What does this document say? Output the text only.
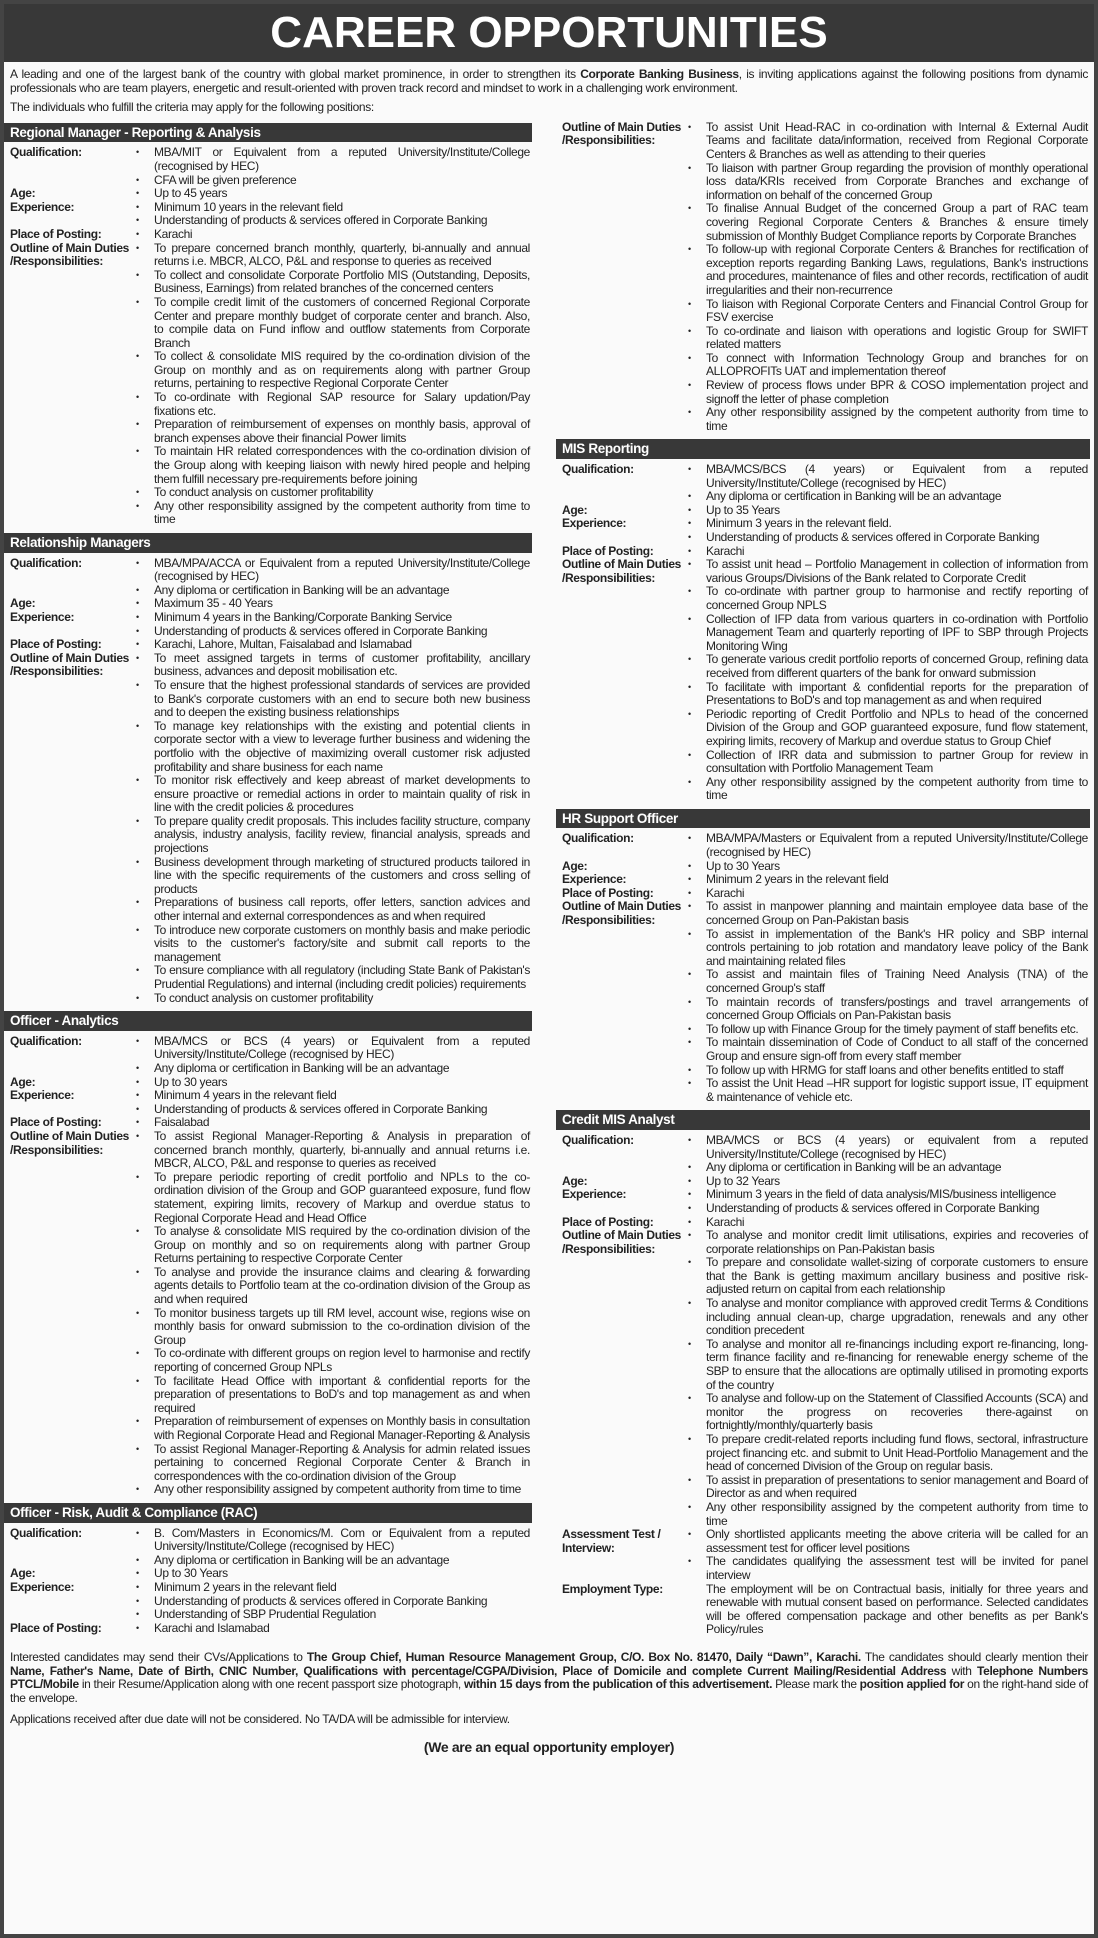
CAREER OPPORTUNITIES

A leading and one of the largest bank of the country with global market prominence, in order to strengthen its Corporate Banking Business, is inviting applications against the following positions from dynamic professionals who are team players, energetic and result-oriented with proven track record and mindset to work in a challenging work environment.

The individuals who fulfill the criteria may apply for the following positions:

Regional Manager - Reporting & Analysis
Qualification:	• MBA/MIT or Equivalent from a reputed University/Institute/College (recognised by HEC)
• CFA will be given preference
Age:	• Up to 45 years
Experience:	• Minimum 10 years in the relevant field
• Understanding of products & services offered in Corporate Banking
Place of Posting:	• Karachi
Outline of Main Duties /Responsibilities:
• To prepare concerned branch monthly, quarterly, bi-annually and annual returns i.e. MBCR, ALCO, P&L and response to queries as received
• To collect and consolidate Corporate Portfolio MIS (Outstanding, Deposits, Business, Earnings) from related branches of the concerned centers
• To compile credit limit of the customers of concerned Regional Corporate Center and prepare monthly budget of corporate center and branch. Also, to compile data on Fund inflow and outflow statements from Corporate Branch
• To collect & consolidate MIS required by the co-ordination division of the Group on monthly and as on requirements along with partner Group returns, pertaining to respective Regional Corporate Center
• To co-ordinate with Regional SAP resource for Salary updation/Pay fixations etc.
• Preparation of reimbursement of expenses on monthly basis, approval of branch expenses above their financial Power limits
• To maintain HR related correspondences with the co-ordination division of the Group along with keeping liaison with newly hired people and helping them fulfill necessary pre-requirements before joining
• To conduct analysis on customer profitability
• Any other responsibility assigned by the competent authority from time to time
Relationship Managers
Qualification:	• MBA/MPA/ACCA or Equivalent from a reputed University/Institute/College (recognised by HEC)
• Any diploma or certification in Banking will be an advantage
Age:	• Maximum 35 - 40 Years
Experience:	• Minimum 4 years in the Banking/Corporate Banking Service
• Understanding of products & services offered in Corporate Banking
Place of Posting:	• Karachi, Lahore, Multan, Faisalabad and Islamabad
Outline of Main Duties /Responsibilities:
• To meet assigned targets in terms of customer profitability, ancillary business, advances and deposit mobilisation etc.
• To ensure that the highest professional standards of services are provided to Bank's corporate customers with an end to secure both new business and to deepen the existing business relationships
• To manage key relationships with the existing and potential clients in corporate sector with a view to leverage further business and widening the portfolio with the objective of maximizing overall customer risk adjusted profitability and share business for each name
• To monitor risk effectively and keep abreast of market developments to ensure proactive or remedial actions in order to maintain quality of risk in line with the credit policies & procedures
• To prepare quality credit proposals. This includes facility structure, company analysis, industry analysis, facility review, financial analysis, spreads and projections
• Business development through marketing of structured products tailored in line with the specific requirements of the customers and cross selling of products
• Preparations of business call reports, offer letters, sanction advices and other internal and external correspondences as and when required
• To introduce new corporate customers on monthly basis and make periodic visits to the customer's factory/site and submit call reports to the management
• To ensure compliance with all regulatory (including State Bank of Pakistan's Prudential Regulations) and internal (including credit policies) requirements
• To conduct analysis on customer profitability
Officer - Analytics
Qualification:	• MBA/MCS or BCS (4 years) or Equivalent from a reputed University/Institute/College (recognised by HEC)
• Any diploma or certification in Banking will be an advantage
Age:	• Up to 30 years
Experience:	• Minimum 4 years in the relevant field
• Understanding of products & services offered in Corporate Banking
Place of Posting:	• Faisalabad
Outline of Main Duties /Responsibilities:
• To assist Regional Manager-Reporting & Analysis in preparation of concerned branch monthly, quarterly, bi-annually and annual returns i.e. MBCR, ALCO, P&L and response to queries as received
• To prepare periodic reporting of credit portfolio and NPLs to the co-ordination division of the Group and GOP guaranteed exposure, fund flow statement, expiring limits, recovery of Markup and overdue status to Regional Corporate Head and Head Office
• To analyse & consolidate MIS required by the co-ordination division of the Group on monthly and so on requirements along with partner Group Returns pertaining to respective Corporate Center
• To analyse and provide the insurance claims and clearing & forwarding agents details to Portfolio team at the co-ordination division of the Group as and when required
• To monitor business targets up till RM level, account wise, regions wise on monthly basis for onward submission to the co-ordination division of the Group
• To co-ordinate with different groups on region level to harmonise and rectify reporting of concerned Group NPLs
• To facilitate Head Office with important & confidential reports for the preparation of presentations to BoD's and top management as and when required
• Preparation of reimbursement of expenses on Monthly basis in consultation with Regional Corporate Head and Regional Manager-Reporting & Analysis
• To assist Regional Manager-Reporting & Analysis for admin related issues pertaining to concerned Regional Corporate Center & Branch in correspondences with the co-ordination division of the Group
• Any other responsibility assigned by competent authority from time to time
Officer - Risk, Audit & Compliance (RAC)
Qualification:	• B. Com/Masters in Economics/M. Com or Equivalent from a reputed University/Institute/College (recognised by HEC)
• Any diploma or certification in Banking will be an advantage
Age:	• Up to 30 Years
Experience:	• Minimum 2 years in the relevant field
• Understanding of products & services offered in Corporate Banking
• Understanding of SBP Prudential Regulation
Place of Posting:	• Karachi and Islamabad
Outline of Main Duties /Responsibilities:
• To assist Unit Head-RAC in co-ordination with Internal & External Audit Teams and facilitate data/information, received from Regional Corporate Centers & Branches as well as attending to their queries
• To liaison with partner Group regarding the provision of monthly operational loss data/KRIs received from Corporate Branches and exchange of information on behalf of the concerned Group
• To finalise Annual Budget of the concerned Group a part of RAC team covering Regional Corporate Centers & Branches & ensure timely submission of Monthly Budget Compliance reports by Corporate Branches
• To follow-up with regional Corporate Centers & Branches for rectification of exception reports regarding Banking Laws, regulations, Bank's instructions and procedures, maintenance of files and other records, rectification of audit irregularities and their non-recurrence
• To liaison with Regional Corporate Centers and Financial Control Group for FSV exercise
• To co-ordinate and liaison with operations and logistic Group for SWIFT related matters
• To connect with Information Technology Group and branches for on ALLOPROFITs UAT and implementation thereof
• Review of process flows under BPR & COSO implementation project and signoff the letter of phase completion
• Any other responsibility assigned by the competent authority from time to time
MIS Reporting
Qualification:	• MBA/MCS/BCS (4 years) or Equivalent from a reputed University/Institute/College (recognised by HEC)
• Any diploma or certification in Banking will be an advantage
Age:	• Up to 35 Years
Experience:	• Minimum 3 years in the relevant field.
• Understanding of products & services offered in Corporate Banking
Place of Posting:	• Karachi
Outline of Main Duties /Responsibilities:
• To assist unit head – Portfolio Management in collection of information from various Groups/Divisions of the Bank related to Corporate Credit
• To co-ordinate with partner group to harmonise and rectify reporting of concerned Group NPLS
• Collection of IFP data from various quarters in co-ordination with Portfolio Management Team and quarterly reporting of IPF to SBP through Projects Monitoring Wing
• To generate various credit portfolio reports of concerned Group, refining data received from different quarters of the bank for onward submission
• To facilitate with important & confidential reports for the preparation of Presentations to BoD's and top management as and when required
• Periodic reporting of Credit Portfolio and NPLs to head of the concerned Division of the Group and GOP guaranteed exposure, fund flow statement, expiring limits, recovery of Markup and overdue status to Group Chief
• Collection of IRR data and submission to partner Group for review in consultation with Portfolio Management Team
• Any other responsibility assigned by the competent authority from time to time
HR Support Officer
Qualification:	• MBA/MPA/Masters or Equivalent from a reputed University/Institute/College (recognised by HEC)
Age:	• Up to 30 Years
Experience:	• Minimum 2 years in the relevant field
Place of Posting:	• Karachi
Outline of Main Duties /Responsibilities:
• To assist in manpower planning and maintain employee data base of the concerned Group on Pan-Pakistan basis
• To assist in implementation of the Bank's HR policy and SBP internal controls pertaining to job rotation and mandatory leave policy of the Bank and maintaining related files
• To assist and maintain files of Training Need Analysis (TNA) of the concerned Group's staff
• To maintain records of transfers/postings and travel arrangements of concerned Group Officials on Pan-Pakistan basis
• To follow up with Finance Group for the timely payment of staff benefits etc.
• To maintain dissemination of Code of Conduct to all staff of the concerned Group and ensure sign-off from every staff member
• To follow up with HRMG for staff loans and other benefits entitled to staff
• To assist the Unit Head –HR support for logistic support issue, IT equipment & maintenance of vehicle etc.
Credit MIS Analyst
Qualification:	• MBA/MCS or BCS (4 years) or equivalent from a reputed University/Institute/College (recognised by HEC)
• Any diploma or certification in Banking will be an advantage
Age:	• Up to 32 Years
Experience:	• Minimum 3 years in the field of data analysis/MIS/business intelligence
• Understanding of products & services offered in Corporate Banking
Place of Posting:	• Karachi
Outline of Main Duties /Responsibilities:
• To analyse and monitor credit limit utilisations, expiries and recoveries of corporate relationships on Pan-Pakistan basis
• To prepare and consolidate wallet-sizing of corporate customers to ensure that the Bank is getting maximum ancillary business and positive risk-adjusted return on capital from each relationship
• To analyse and monitor compliance with approved credit Terms & Conditions including annual clean-up, charge upgradation, renewals and any other condition precedent
• To analyse and monitor all re-financings including export re-financing, long-term finance facility and re-financing for renewable energy scheme of the SBP to ensure that the allocations are optimally utilised in promoting exports of the country
• To analyse and follow-up on the Statement of Classified Accounts (SCA) and monitor the progress on recoveries there-against on fortnightly/monthly/quarterly basis
• To prepare credit-related reports including fund flows, sectoral, infrastructure project financing etc. and submit to Unit Head-Portfolio Management and the head of concerned Division of the Group on regular basis.
• To assist in preparation of presentations to senior management and Board of Director as and when required
• Any other responsibility assigned by the competent authority from time to time
Assessment Test / Interview:
• Only shortlisted applicants meeting the above criteria will be called for an assessment test for officer level positions
• The candidates qualifying the assessment test will be invited for panel interview
Employment Type:	The employment will be on Contractual basis, initially for three years and renewable with mutual consent based on performance. Selected candidates will be offered compensation package and other benefits as per Bank's Policy/rules

Interested candidates may send their CVs/Applications to The Group Chief, Human Resource Management Group, C/O. Box No. 81470, Daily “Dawn”, Karachi. The candidates should clearly mention their Name, Father's Name, Date of Birth, CNIC Number, Qualifications with percentage/CGPA/Division, Place of Domicile and complete Current Mailing/Residential Address with Telephone Numbers PTCL/Mobile in their Resume/Application along with one recent passport size photograph, within 15 days from the publication of this advertisement. Please mark the position applied for on the right-hand side of the envelope.

Applications received after due date will not be considered. No TA/DA will be admissible for interview.

(We are an equal opportunity employer)
